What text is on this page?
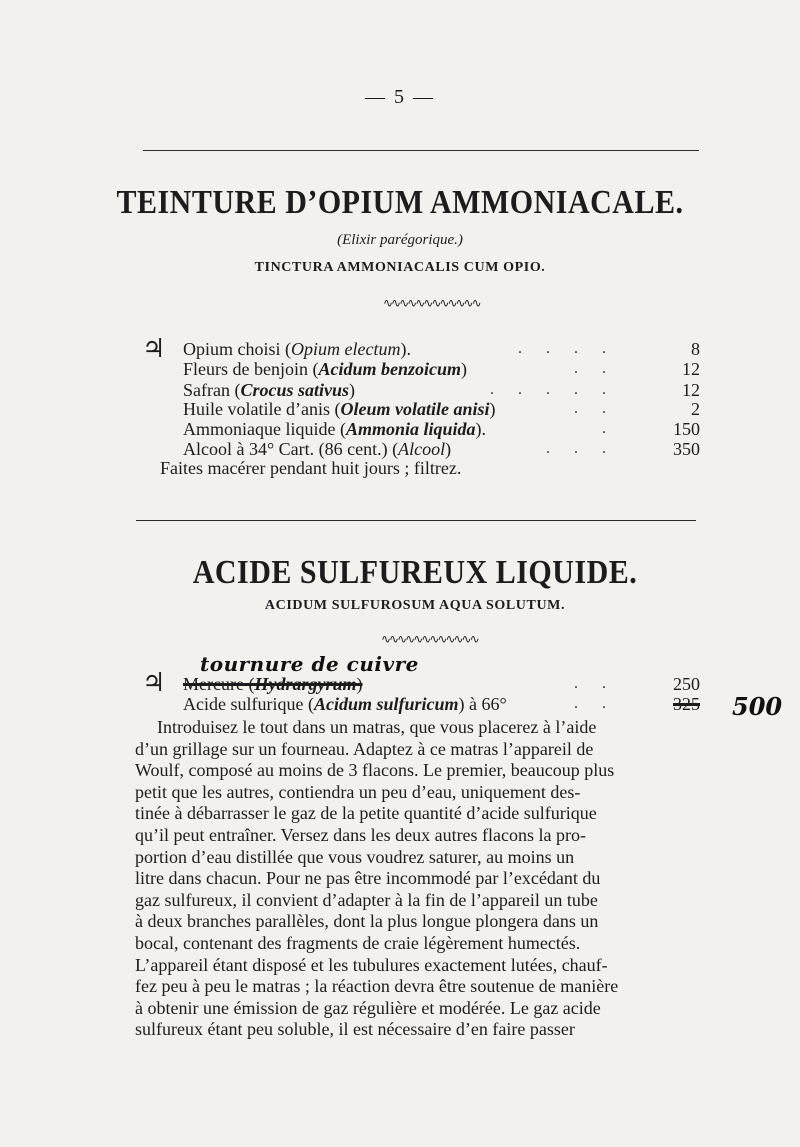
— 5 —
TEINTURE D’OPIUM AMMONIACALE.
(Elixir parégorique.)
TINCTURA AMMONIACALIS CUM OPIO.
∿∿∿∿∿∿∿∿∿∿∿∿
♃ Opium choisi (Opium electum).	....	8
Fleurs de benjoin (Acidum benzoicum)	..	12
Safran (Crocus sativus)	.....	12
Huile volatile d’anis (Oleum volatile anisi)	..	2
Ammoniaque liquide (Ammonia liquida).	.	150
Alcool à 34° Cart. (86 cent.) (Alcool)	...	350
Faites macérer pendant huit jours ; filtrez.
ACIDE SULFUREUX LIQUIDE.
ACIDUM SULFUROSUM AQUA SOLUTUM.
∿∿∿∿∿∿∿∿∿∿∿∿
tournure de cuivre
♃ Mercure (Hydrargyrum)	..	250
Acide sulfurique (Acidum sulfuricum) à 66°	..	325 500
Introduisez le tout dans un matras, que vous placerez à l’aide
d’un grillage sur un fourneau. Adaptez à ce matras l’appareil de
Woulf, composé au moins de 3 flacons. Le premier, beaucoup plus
petit que les autres, contiendra un peu d’eau, uniquement des-
tinée à débarrasser le gaz de la petite quantité d’acide sulfurique
qu’il peut entraîner. Versez dans les deux autres flacons la pro-
portion d’eau distillée que vous voudrez saturer, au moins un
litre dans chacun. Pour ne pas être incommodé par l’excédant du
gaz sulfureux, il convient d’adapter à la fin de l’appareil un tube
à deux branches parallèles, dont la plus longue plongera dans un
bocal, contenant des fragments de craie légèrement humectés.
L’appareil étant disposé et les tubulures exactement lutées, chauf-
fez peu à peu le matras ; la réaction devra être soutenue de manière
à obtenir une émission de gaz régulière et modérée. Le gaz acide
sulfureux étant peu soluble, il est nécessaire d’en faire passer
